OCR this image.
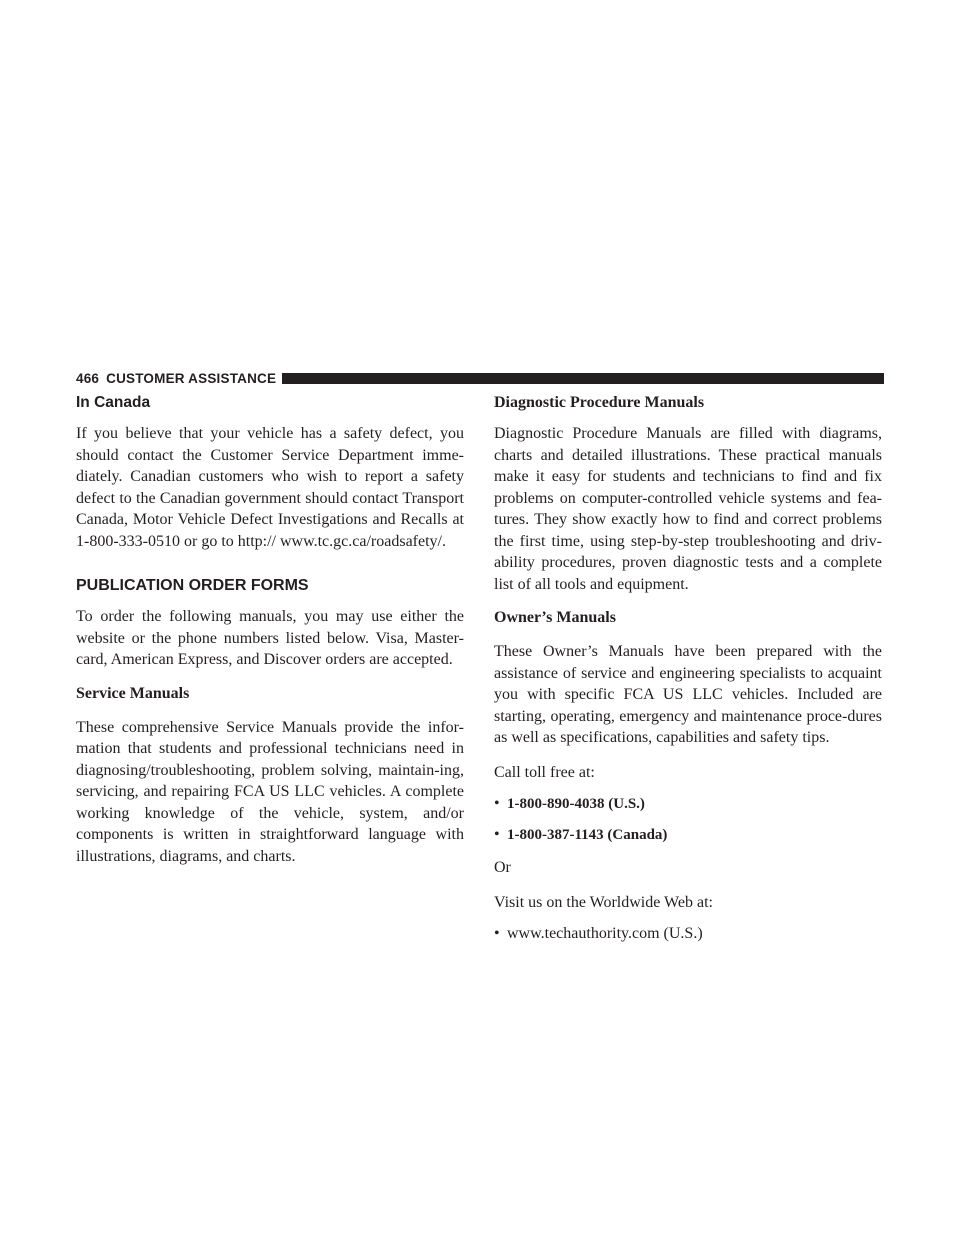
466 CUSTOMER ASSISTANCE
In Canada

If you believe that your vehicle has a safety defect, you should contact the Customer Service Department imme-diately. Canadian customers who wish to report a safety defect to the Canadian government should contact Transport Canada, Motor Vehicle Defect Investigations and Recalls at 1-800-333-0510 or go to http:// www.tc.gc.ca/roadsafety/.

PUBLICATION ORDER FORMS

To order the following manuals, you may use either the website or the phone numbers listed below. Visa, Master-card, American Express, and Discover orders are accepted.

Service Manuals

These comprehensive Service Manuals provide the infor-mation that students and professional technicians need in diagnosing/troubleshooting, problem solving, maintain-ing, servicing, and repairing FCA US LLC vehicles. A complete working knowledge of the vehicle, system, and/or components is written in straightforward language with illustrations, diagrams, and charts.

Diagnostic Procedure Manuals

Diagnostic Procedure Manuals are filled with diagrams, charts and detailed illustrations. These practical manuals make it easy for students and technicians to find and fix problems on computer-controlled vehicle systems and fea-tures. They show exactly how to find and correct problems the first time, using step-by-step troubleshooting and driv-ability procedures, proven diagnostic tests and a complete list of all tools and equipment.

Owner’s Manuals

These Owner’s Manuals have been prepared with the assistance of service and engineering specialists to acquaint you with specific FCA US LLC vehicles. Included are starting, operating, emergency and maintenance proce-dures as well as specifications, capabilities and safety tips.

Call toll free at:

• 1-800-890-4038 (U.S.)
• 1-800-387-1143 (Canada)

Or

Visit us on the Worldwide Web at:

• www.techauthority.com (U.S.)
